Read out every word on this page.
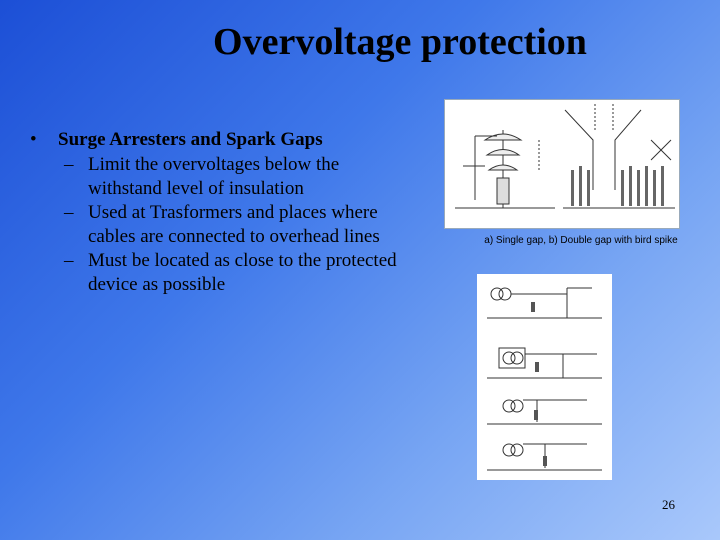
Overvoltage protection
• Surge Arresters and Spark Gaps
– Limit the overvoltages below the withstand level of insulation
– Used at Trasformers and places where cables are connected to overhead lines
– Must be located as close to the protected device as possible
a) Single gap, b) Double gap with bird spike
26
